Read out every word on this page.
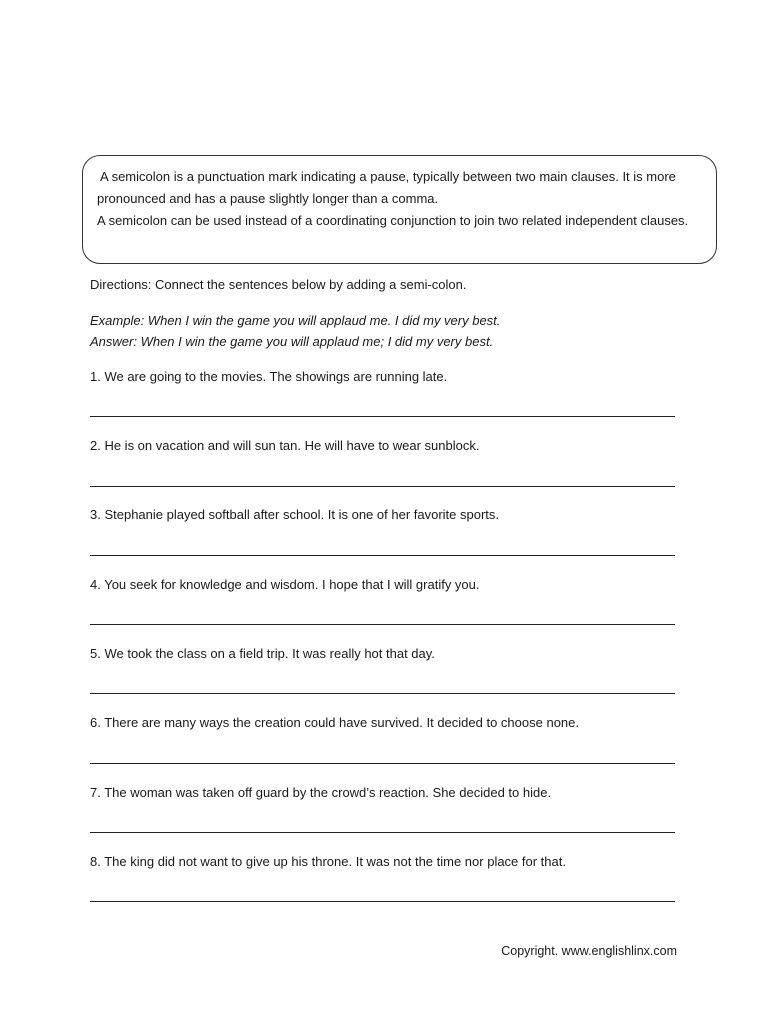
A semicolon is a punctuation mark indicating a pause, typically between two main clauses. It is more pronounced and has a pause slightly longer than a comma.

A semicolon can be used instead of a coordinating conjunction to join two related independent clauses.

Directions: Connect the sentences below by adding a semi-colon.

Example: When I win the game you will applaud me. I did my very best.

Answer: When I win the game you will applaud me; I did my very best.

1. We are going to the movies. The showings are running late.

2. He is on vacation and will sun tan. He will have to wear sunblock.

3. Stephanie played softball after school. It is one of her favorite sports.

4. You seek for knowledge and wisdom. I hope that I will gratify you.

5. We took the class on a field trip. It was really hot that day.

6. There are many ways the creation could have survived. It decided to choose none.

7. The woman was taken off guard by the crowd’s reaction. She decided to hide.

8. The king did not want to give up his throne. It was not the time nor place for that.

Copyright. www.englishlinx.com
